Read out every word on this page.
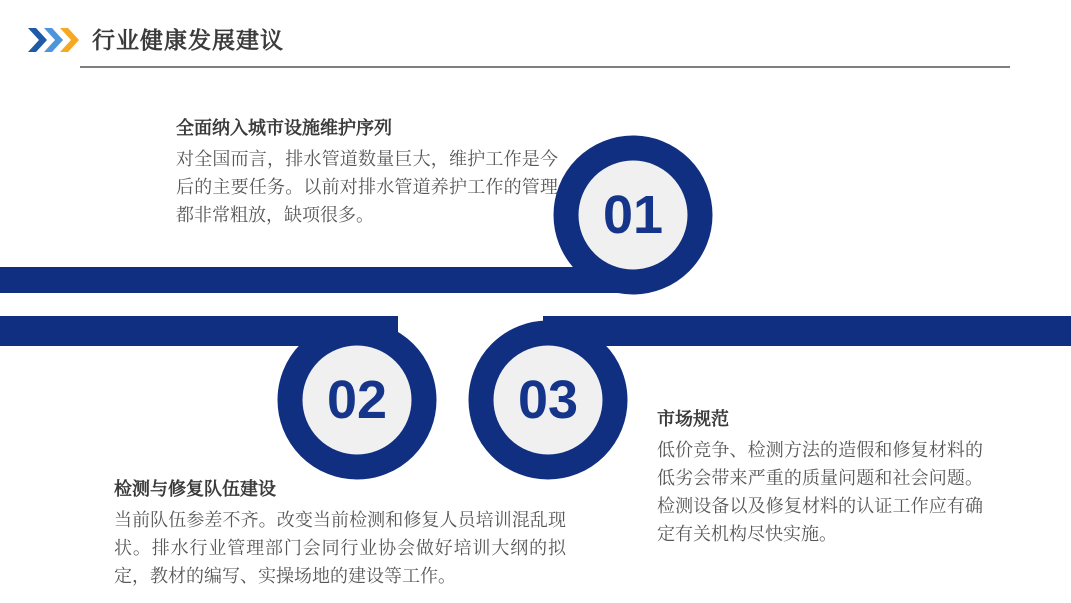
行业健康发展建议
01
02	03
全面纳入城市设施维护序列
对全国而言，排水管道数量巨大，维护工作是今后的主要任务。以前对排水管道养护工作的管理都非常粗放，缺项很多。
检测与修复队伍建设
当前队伍参差不齐。改变当前检测和修复人员培训混乱现状。排水行业管理部门会同行业协会做好培训大纲的拟定，教材的编写、实操场地的建设等工作。
市场规范
低价竞争、检测方法的造假和修复材料的低劣会带来严重的质量问题和社会问题。检测设备以及修复材料的认证工作应有确定有关机构尽快实施。
